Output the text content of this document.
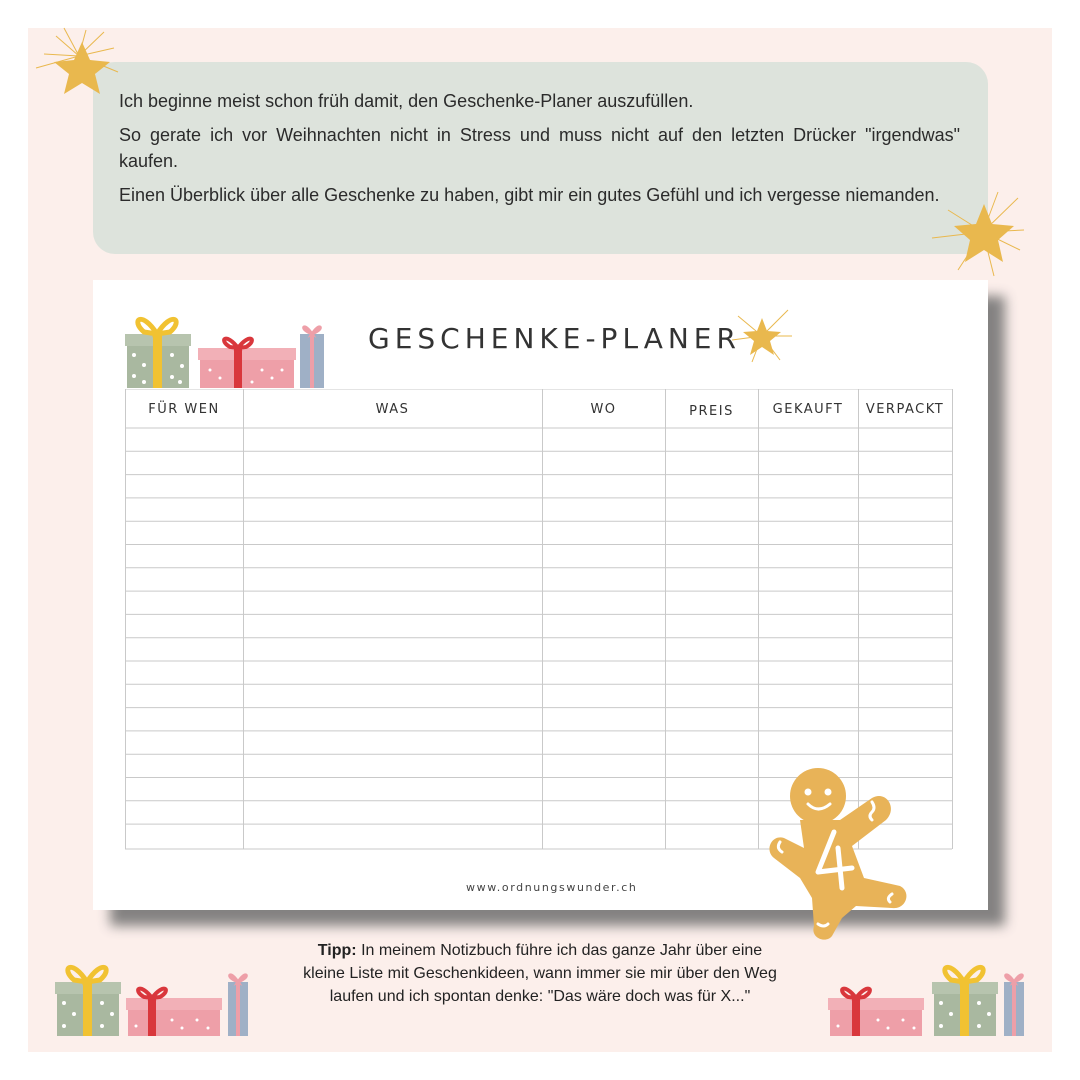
Ich beginne meist schon früh damit, den Geschenke-Planer auszufüllen.

So gerate ich vor Weihnachten nicht in Stress und muss nicht auf den letzten Drücker "irgendwas" kaufen.

Einen Überblick über alle Geschenke zu haben, gibt mir ein gutes Gefühl und ich vergesse niemanden.

GESCHENKE-PLANER
FÜR WEN	WAS	WO	PREIS	GEKAUFT	VERPACKT
www.ordnungswunder.ch
Tipp: In meinem Notizbuch führe ich das ganze Jahr über eine kleine Liste mit Geschenkideen, wann immer sie mir über den Weg laufen und ich spontan denke: "Das wäre doch was für X..."
